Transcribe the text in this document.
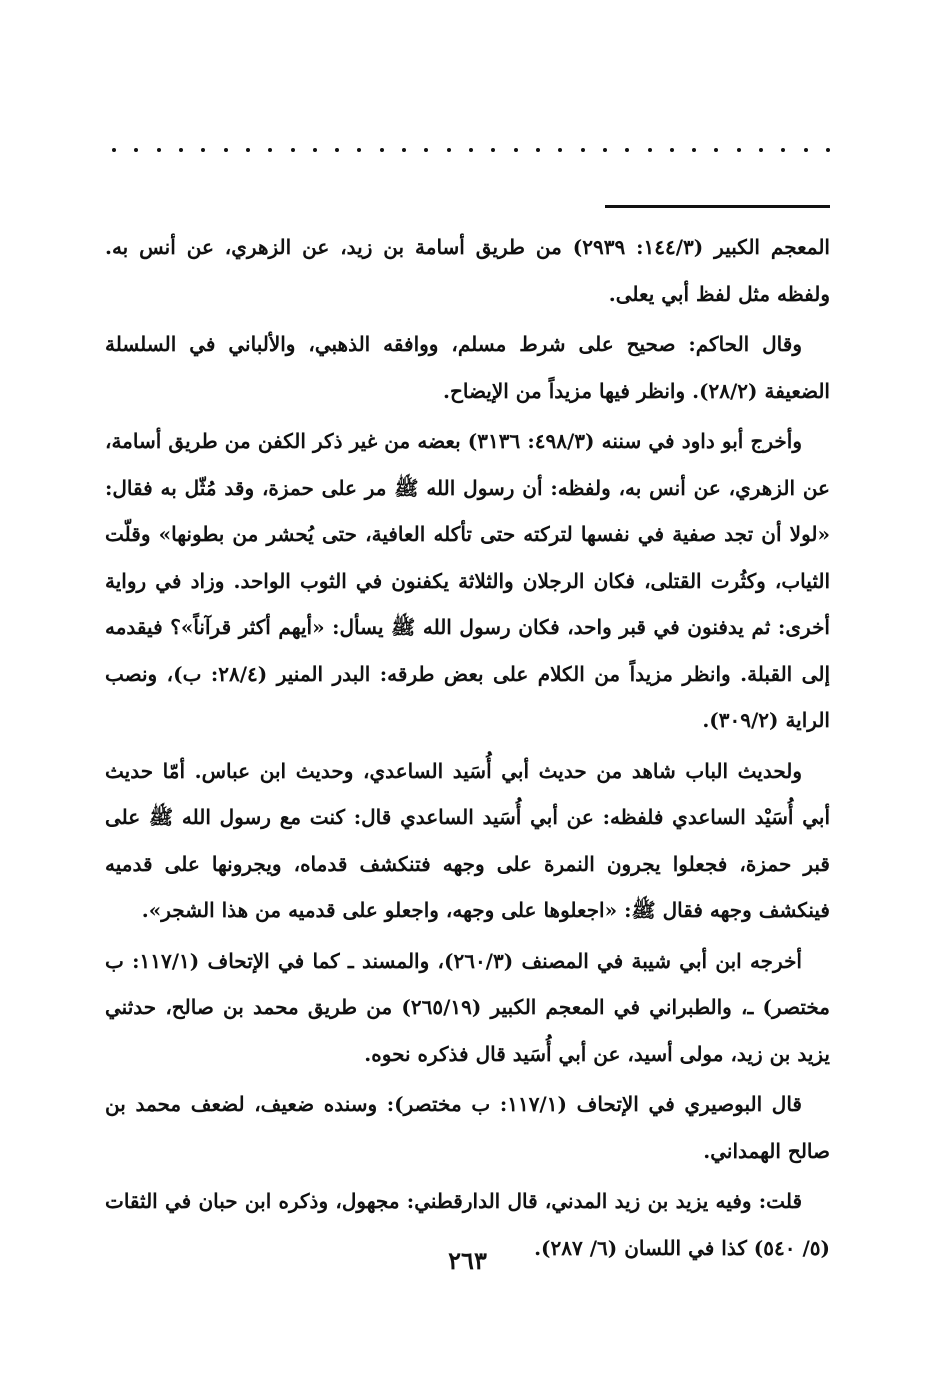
المعجم الكبير (١٤٤/٣: ٢٩٣٩) من طريق أسامة بن زيد، عن الزهري، عن أنس به. ولفظه مثل لفظ أبي يعلى.

وقال الحاكم: صحيح على شرط مسلم، ووافقه الذهبي، والألباني في السلسلة الضعيفة (٢٨/٢). وانظر فيها مزيداً من الإيضاح.

وأخرج أبو داود في سننه (٤٩٨/٣: ٣١٣٦) بعضه من غير ذكر الكفن من طريق أسامة، عن الزهري، عن أنس به، ولفظه: أن رسول الله ﷺ مر على حمزة، وقد مُثّل به فقال: «لولا أن تجد صفية في نفسها لتركته حتى تأكله العافية، حتى يُحشر من بطونها» وقلّت الثياب، وكثُرت القتلى، فكان الرجلان والثلاثة يكفنون في الثوب الواحد. وزاد في رواية أخرى: ثم يدفنون في قبر واحد، فكان رسول الله ﷺ يسأل: «أيهم أكثر قرآناً»؟ فيقدمه إلى القبلة. وانظر مزيداً من الكلام على بعض طرقه: البدر المنير (٢٨/٤: ب)، ونصب الراية (٣٠٩/٢).

ولحديث الباب شاهد من حديث أبي أُسَيد الساعدي، وحديث ابن عباس. أمّا حديث أبي أُسَيْد الساعدي فلفظه: عن أبي أُسَيد الساعدي قال: كنت مع رسول الله ﷺ على قبر حمزة، فجعلوا يجرون النمرة على وجهه فتنكشف قدماه، ويجرونها على قدميه فينكشف وجهه فقال ﷺ: «اجعلوها على وجهه، واجعلو على قدميه من هذا الشجر».

أخرجه ابن أبي شيبة في المصنف (٢٦٠/٣)، والمسند ـ كما في الإتحاف (١١٧/١: ب مختصر) ـ، والطبراني في المعجم الكبير (٢٦٥/١٩) من طريق محمد بن صالح، حدثني يزيد بن زيد، مولى أسيد، عن أبي أُسَيد قال فذكره نحوه.

قال البوصيري في الإتحاف (١١٧/١: ب مختصر): وسنده ضعيف، لضعف محمد بن صالح الهمداني.

قلت: وفيه يزيد بن زيد المدني، قال الدارقطني: مجهول، وذكره ابن حبان في الثقات (٥/ ٥٤٠) كذا في اللسان (٦/ ٢٨٧).

٢٦٣
